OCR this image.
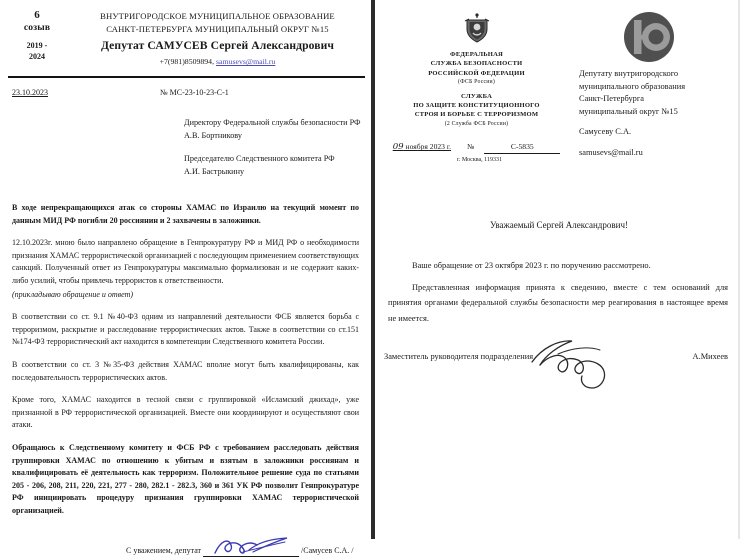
6
созыв
2019 -
2024
ВНУТРИГОРОДСКОЕ МУНИЦИПАЛЬНОЕ ОБРАЗОВАНИЕ
САНКТ-ПЕТЕРБУРГА МУНИЦИПАЛЬНЫЙ ОКРУГ №15
Депутат САМУСЕВ Сергей Александрович
+7(981)8509894, samusevs@mail.ru
23.10.2023	№ МС-23-10-23-С-1
Директору Федеральной службы безопасности РФ
А.В. Бортникову
Председателю Следственного комитета РФ
А.И. Бастрыкину

В ходе непрекращающихся атак со стороны ХАМАС по Израилю на текущий момент по данным МИД РФ погибли 20 россиянин и 2 захвачены в заложники.

12.10.2023г. мною было направлено обращение в Генпрокуратуру РФ и МИД РФ о необходимости признания ХАМАС террористической организацией с последующим применением соответствующих санкций. Полученный ответ из Генпрокуратуры максимально формализован и не содержит каких-либо усилий, чтобы привлечь террористов к ответственности.

(прикладываю обращение и ответ)

В соответствии со ст. 9.1 №40-ФЗ одним из направлений деятельности ФСБ является борьба с терроризмом, раскрытие и расследование террористических актов. Также в соответствии со ст.151 №174-ФЗ террористический акт находится в компетенции Следственного комитета России.

В соответствии со ст. 3 №35-ФЗ действия ХАМАС вполне могут быть квалифицированы, как последовательность террористических актов.

Кроме того, ХАМАС находится в тесной связи с группировкой «Исламский джихад», уже признанной в РФ террористической организацией. Вместе они координируют и осуществляют свои атаки.

Обращаюсь к Следственному комитету и ФСБ РФ с требованием расследовать действия группировки ХАМАС по отношению к убитым и взятым в заложники россиянам и квалифицировать её деятельность как терроризм. Положительное решение суда по статьями 205 - 206, 208, 211, 220, 221, 277 - 280, 282.1 - 282.3, 360 и 361 УК РФ позволит Генпрокуратуре РФ инициировать процедуру признания группировки ХАМАС террористической организацией.

С уважением, депутат	/Самусев С.А. /
ФЕДЕРАЛЬНАЯ
СЛУЖБА БЕЗОПАСНОСТИ
РОССИЙСКОЙ ФЕДЕРАЦИИ
(ФСБ России)
СЛУЖБА
ПО ЗАЩИТЕ КОНСТИТУЦИОННОГО
СТРОЯ И БОРЬБЕ С ТЕРРОРИЗМОМ
(2 Служба ФСБ России)
09 ноября 2023 г. №	С-5835
г. Москва, 119331
Депутату внутригородского
муниципального образования
Санкт-Петербурга
муниципальный округ №15
Самусеву С.А.
samusevs@mail.ru
Уважаемый Сергей Александрович!

Ваше обращение от 23 октября 2023 г. по поручению рассмотрено.

Представленная информация принята к сведению, вместе с тем оснований для принятия органами федеральной службы безопасности мер реагирования в настоящее время не имеется.

Заместитель руководителя подразделения	А.Михеев
